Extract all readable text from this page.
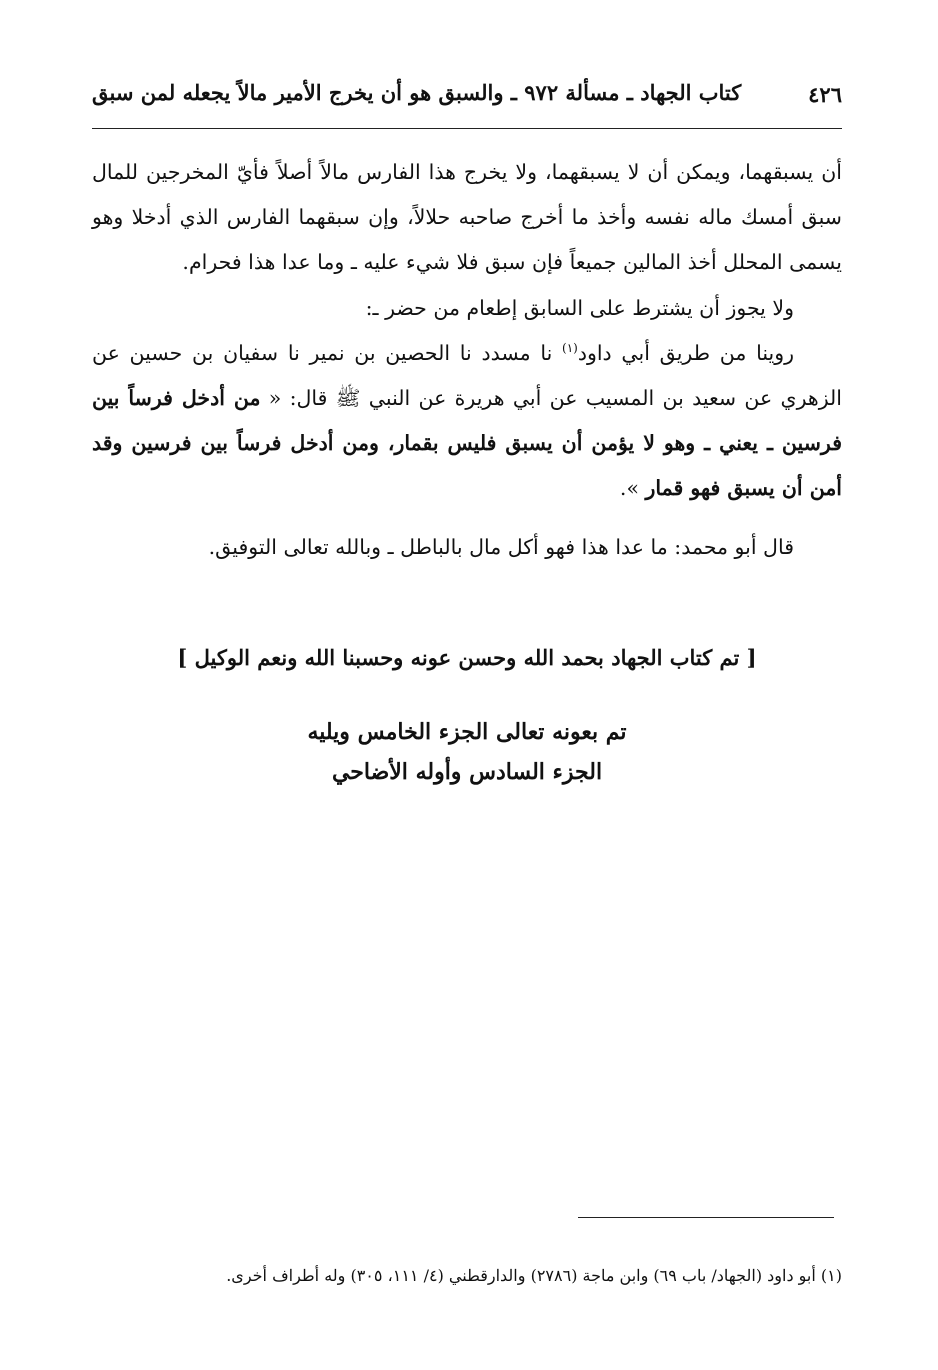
٤٢٦
كتاب الجهاد ـ مسألة ٩٧٢ ـ والسبق هو أن يخرج الأمير مالاً يجعله لمن سبق

أن يسبقهما، ويمكن أن لا يسبقهما، ولا يخرج هذا الفارس مالاً أصلاً فأيّ المخرجين للمال سبق أمسك ماله نفسه وأخذ ما أخرج صاحبه حلالاً، وإن سبقهما الفارس الذي أدخلا وهو يسمى المحلل أخذ المالين جميعاً فإن سبق فلا شيء عليه ـ وما عدا هذا فحرام.

ولا يجوز أن يشترط على السابق إطعام من حضر ـ:

روينا من طريق أبي داود$^{(١)}$ نا مسدد نا الحصين بن نمير نا سفيان بن حسين عن الزهري عن سعيد بن المسيب عن أبي هريرة عن النبي ﷺ قال: « من أدخل فرساً بين فرسين ـ يعني ـ وهو لا يؤمن أن يسبق فليس بقمار، ومن أدخل فرساً بين فرسين وقد أمن أن يسبق فهو قمار ».

قال أبو محمد: ما عدا هذا فهو أكل مال بالباطل ـ وبالله تعالى التوفيق.

[ تم كتاب الجهاد بحمد الله وحسن عونه وحسبنا الله ونعم الوكيل ]
تم بعونه تعالى الجزء الخامس ويليه
الجزء السادس وأوله الأضاحي
(١) أبو داود (الجهاد/ باب ٦٩) وابن ماجة (٢٧٨٦) والدارقطني (٤/ ١١١، ٣٠٥) وله أطراف أخرى.
